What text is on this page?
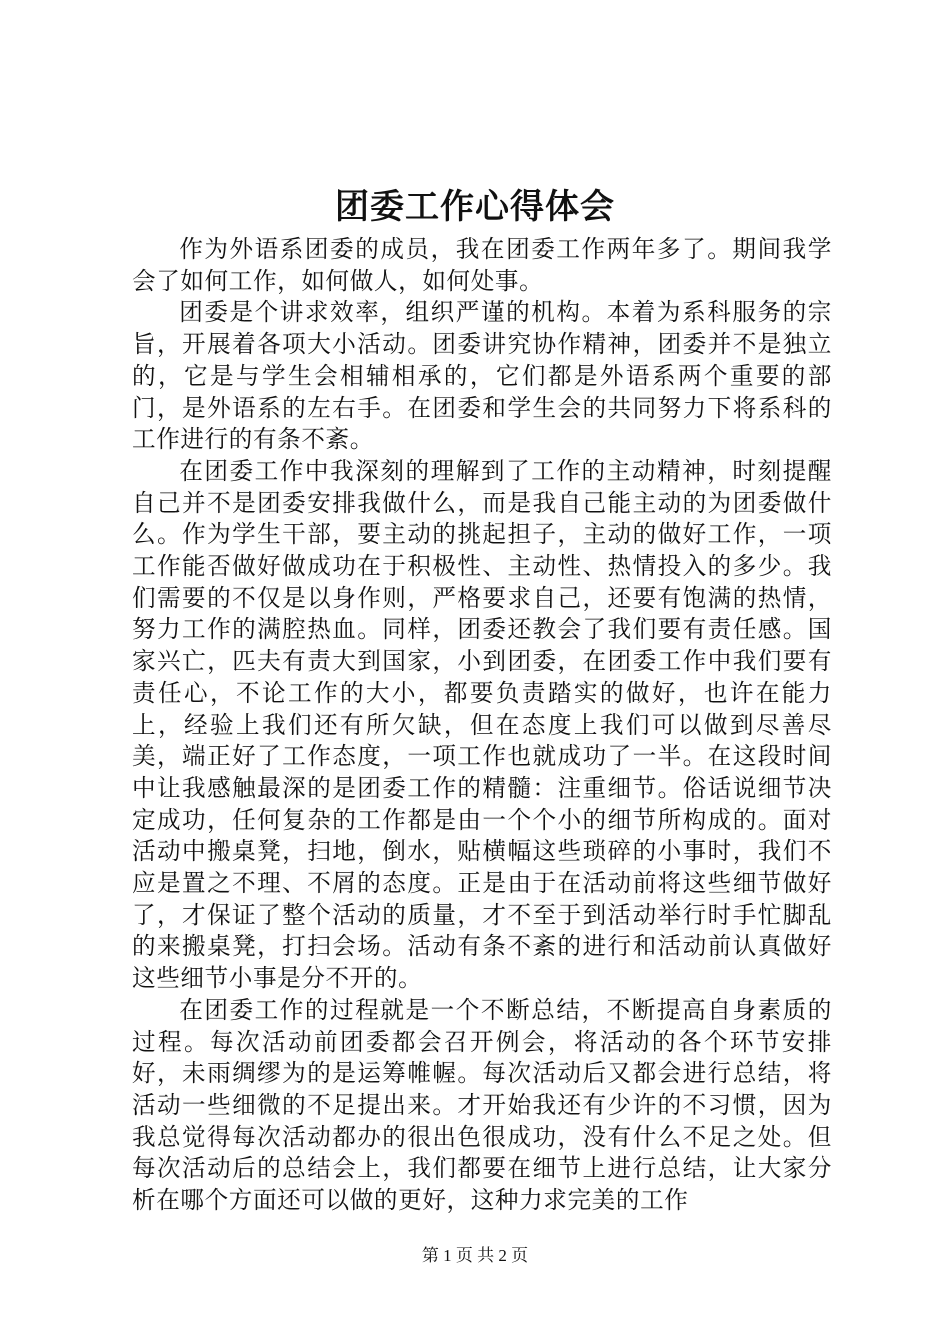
团委工作心得体会

作为外语系团委的成员，我在团委工作两年多了。期间我学会了如何工作，如何做人，如何处事。

团委是个讲求效率，组织严谨的机构。本着为系科服务的宗旨，开展着各项大小活动。团委讲究协作精神，团委并不是独立的，它是与学生会相辅相承的，它们都是外语系两个重要的部门，是外语系的左右手。在团委和学生会的共同努力下将系科的工作进行的有条不紊。

在团委工作中我深刻的理解到了工作的主动精神，时刻提醒自己并不是团委安排我做什么，而是我自己能主动的为团委做什么。作为学生干部，要主动的挑起担子，主动的做好工作，一项工作能否做好做成功在于积极性、主动性、热情投入的多少。我们需要的不仅是以身作则，严格要求自己，还要有饱满的热情，努力工作的满腔热血。同样，团委还教会了我们要有责任感。国家兴亡，匹夫有责大到国家，小到团委，在团委工作中我们要有责任心，不论工作的大小，都要负责踏实的做好，也许在能力上，经验上我们还有所欠缺，但在态度上我们可以做到尽善尽美，端正好了工作态度，一项工作也就成功了一半。在这段时间中让我感触最深的是团委工作的精髓：注重细节。俗话说细节决定成功，任何复杂的工作都是由一个个小的细节所构成的。面对活动中搬桌凳，扫地，倒水，贴横幅这些琐碎的小事时，我们不应是置之不理、不屑的态度。正是由于在活动前将这些细节做好了，才保证了整个活动的质量，才不至于到活动举行时手忙脚乱的来搬桌凳，打扫会场。活动有条不紊的进行和活动前认真做好这些细节小事是分不开的。

在团委工作的过程就是一个不断总结，不断提高自身素质的过程。每次活动前团委都会召开例会，将活动的各个环节安排好，未雨绸缪为的是运筹帷幄。每次活动后又都会进行总结，将活动一些细微的不足提出来。才开始我还有少许的不习惯，因为我总觉得每次活动都办的很出色很成功，没有什么不足之处。但每次活动后的总结会上，我们都要在细节上进行总结，让大家分析在哪个方面还可以做的更好，这种力求完美的工作

第 1 页 共 2 页
